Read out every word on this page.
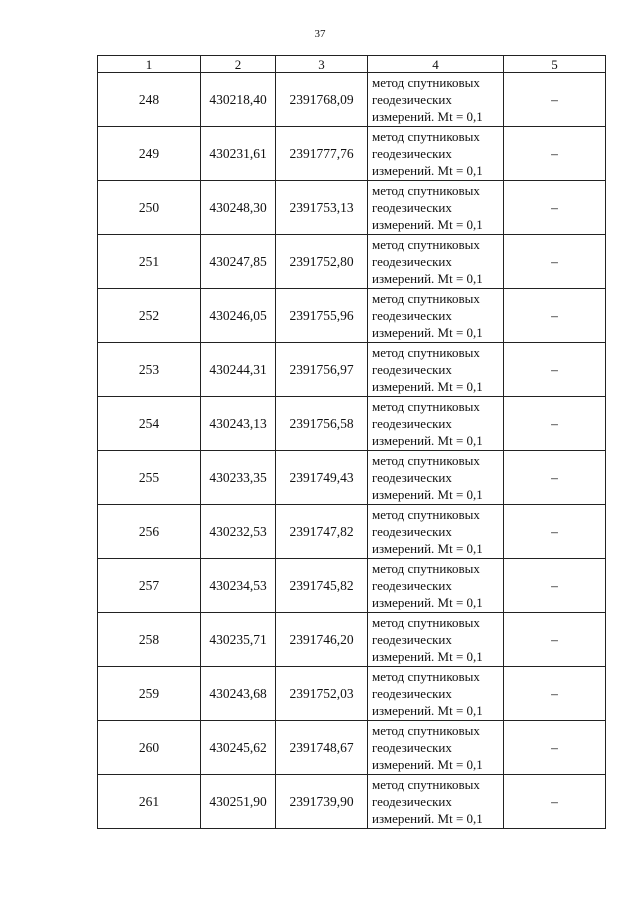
37
1	2	3	4	5
248	430218,40	2391768,09	метод спутниковых
геодезических
измерений. Mt = 0,1	–
249	430231,61	2391777,76	метод спутниковых
геодезических
измерений. Mt = 0,1	–
250	430248,30	2391753,13	метод спутниковых
геодезических
измерений. Mt = 0,1	–
251	430247,85	2391752,80	метод спутниковых
геодезических
измерений. Mt = 0,1	–
252	430246,05	2391755,96	метод спутниковых
геодезических
измерений. Mt = 0,1	–
253	430244,31	2391756,97	метод спутниковых
геодезических
измерений. Mt = 0,1	–
254	430243,13	2391756,58	метод спутниковых
геодезических
измерений. Mt = 0,1	–
255	430233,35	2391749,43	метод спутниковых
геодезических
измерений. Mt = 0,1	–
256	430232,53	2391747,82	метод спутниковых
геодезических
измерений. Mt = 0,1	–
257	430234,53	2391745,82	метод спутниковых
геодезических
измерений. Mt = 0,1	–
258	430235,71	2391746,20	метод спутниковых
геодезических
измерений. Mt = 0,1	–
259	430243,68	2391752,03	метод спутниковых
геодезических
измерений. Mt = 0,1	–
260	430245,62	2391748,67	метод спутниковых
геодезических
измерений. Mt = 0,1	–
261	430251,90	2391739,90	метод спутниковых
геодезических
измерений. Mt = 0,1	–
